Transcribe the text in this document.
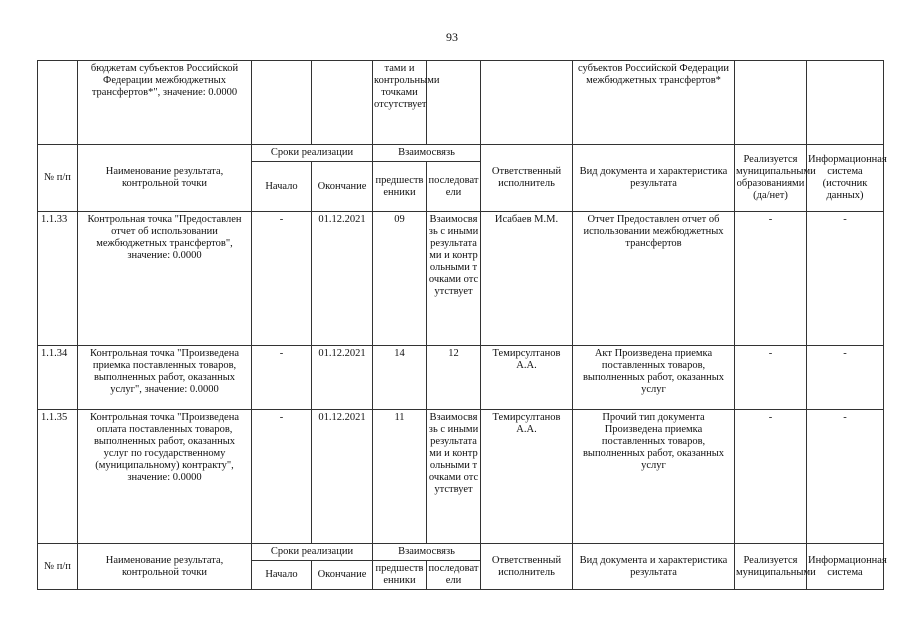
93
	бюджетам субъектов Российской Федерации межбюджетных трансфертов*", значение: 0.0000			тами и контрольными точками отсутствует			субъектов Российской Федерации межбюджетных трансфертов*		
№ п/п	Наименование результата, контрольной точки	Сроки реализации		Взаимосвязь		Ответственный исполнитель	Вид документа и характеристика результата	Реализуется муниципальными образованиями (да/нет)	Информационная система (источник данных)
		Начало	Окончание	предшественники	последователи				
1.1.33	Контрольная точка "Предоставлен отчет об использовании межбюджетных трансфертов", значение: 0.0000	-	01.12.2021	09	Взаимосвязь с иными результатами и контрольными точками отсутствует	Исабаев М.М.	Отчет Предоставлен отчет об использовании межбюджетных трансфертов	-	-
1.1.34	Контрольная точка "Произведена приемка поставленных товаров, выполненных работ, оказанных услуг", значение: 0.0000	-	01.12.2021	14	12	Темирсултанов А.А.	Акт Произведена приемка поставленных товаров, выполненных работ, оказанных услуг	-	-
1.1.35	Контрольная точка "Произведена оплата поставленных товаров, выполненных работ, оказанных услуг по государственному (муниципальному) контракту", значение: 0.0000	-	01.12.2021	11	Взаимосвязь с иными результатами и контрольными точками отсутствует	Темирсултанов А.А.	Прочий тип документа Произведена приемка поставленных товаров, выполненных работ, оказанных услуг	-	-
№ п/п	Наименование результата, контрольной точки	Сроки реализации		Взаимосвязь		Ответственный исполнитель	Вид документа и характеристика результата	Реализуется муниципальными	Информационная система
		Начало	Окончание	предшественники	последователи				
